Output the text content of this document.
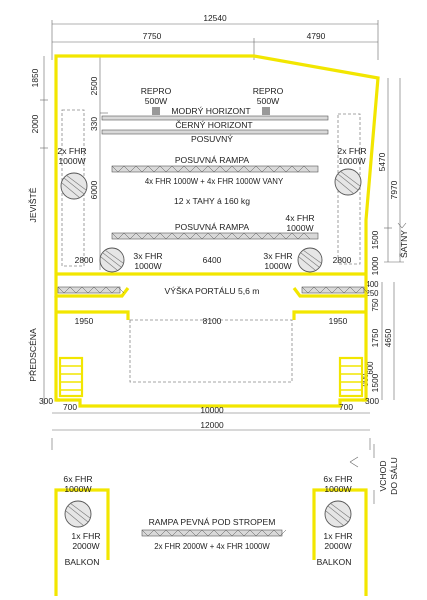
12540
7750	4790
1850
2000
2500
330
6000
JEVIŠTĚ
PŘEDSCÉNA
5470
7970
1500
1000
ŠATNY
400
250
750
1750 4650
600
900 1500
REPRO
500W
REPRO
500W
MODRÝ HORIZONT
ČERNÝ HORIZONT
POSUVNÝ
POSUVNÁ RAMPA
4x FHR 1000W + 4x FHR 1000W VANY
12 x TAHY á 160 kg
POSUVNÁ RAMPA
2x FHR
1000W
2x FHR
1000W
4x FHR
1000W
3x FHR
1000W
3x FHR
1000W
2800	6400	2800
VÝŠKA PORTÁLU 5,6 m
1950	8100	1950
300
700	10000	700
300
12000
VCHOD DO SÁLU
6x FHR
1000W
1x FHR
2000W
BALKON
6x FHR
1000W
1x FHR
2000W
BALKON
RAMPA PEVNÁ POD STROPEM
2x FHR 2000W + 4x FHR 1000W
